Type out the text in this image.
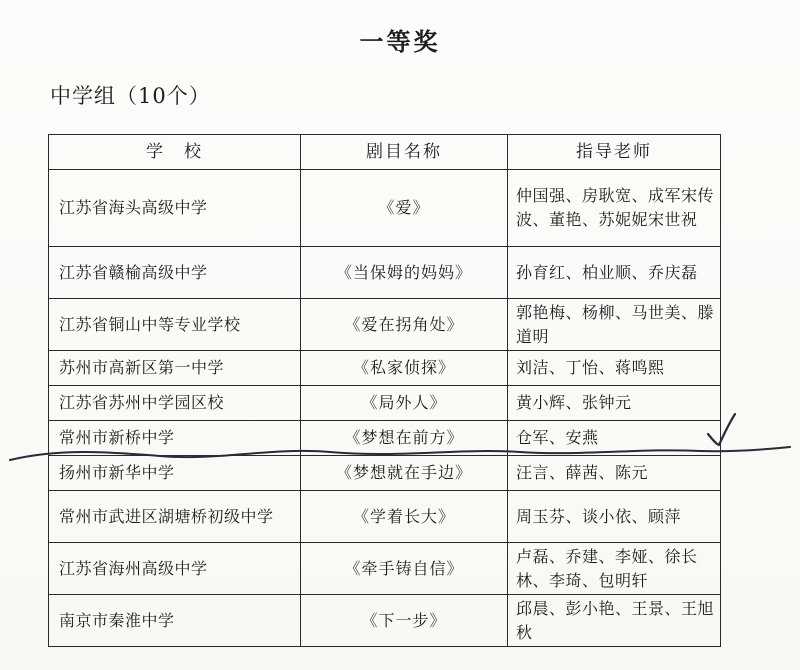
一等奖
中学组（10个）
学　校	剧目名称	指导老师
江苏省海头高级中学	《爱》	仲国强、房耿宽、成军宋传波、董艳、苏妮妮宋世祝
江苏省赣榆高级中学	《当保姆的妈妈》	孙育红、柏业顺、乔庆磊
江苏省铜山中等专业学校	《爱在拐角处》	郭艳梅、杨柳、马世美、滕道明
苏州市高新区第一中学	《私家侦探》	刘洁、丁怡、蒋鸣熙
江苏省苏州中学园区校	《局外人》	黄小辉、张钟元
常州市新桥中学	《梦想在前方》	仓军、安燕
扬州市新华中学	《梦想就在手边》	汪言、薛茜、陈元
常州市武进区湖塘桥初级中学	《学着长大》	周玉芬、谈小依、顾萍
江苏省海州高级中学	《牵手铸自信》	卢磊、乔建、李娅、徐长林、李琦、包明轩
南京市秦淮中学	《下一步》	邱晨、彭小艳、王景、王旭秋
